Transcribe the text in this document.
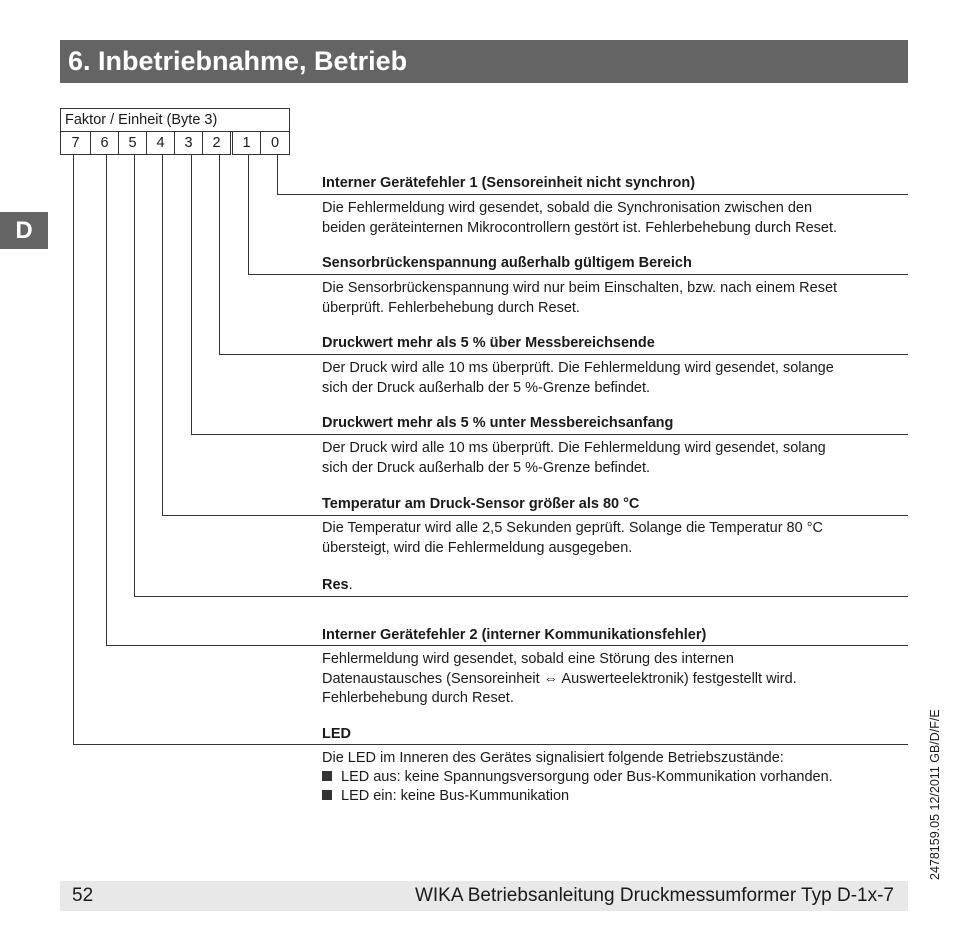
6. Inbetriebnahme, Betrieb
D
Faktor / Einheit (Byte 3)
7	6	5	4	3	2	1	0
Interner Gerätefehler 1 (Sensoreinheit nicht synchron)
Die Fehlermeldung wird gesendet, sobald die Synchronisation zwischen den
beiden geräteinternen Mikrocontrollern gestört ist. Fehlerbehebung durch Reset.
Sensorbrückenspannung außerhalb gültigem Bereich
Die Sensorbrückenspannung wird nur beim Einschalten, bzw. nach einem Reset
überprüft. Fehlerbehebung durch Reset.
Druckwert mehr als 5 % über Messbereichsende
Der Druck wird alle 10 ms überprüft. Die Fehlermeldung wird gesendet, solange
sich der Druck außerhalb der 5 %-Grenze befindet.
Druckwert mehr als 5 % unter Messbereichsanfang
Der Druck wird alle 10 ms überprüft. Die Fehlermeldung wird gesendet, solang
sich der Druck außerhalb der 5 %-Grenze befindet.
Temperatur am Druck-Sensor größer als 80 °C
Die Temperatur wird alle 2,5 Sekunden geprüft. Solange die Temperatur 80 °C
übersteigt, wird die Fehlermeldung ausgegeben.
Res.
Interner Gerätefehler 2 (interner Kommunikationsfehler)
Fehlermeldung wird gesendet, sobald eine Störung des internen
Datenaustausches (Sensoreinheit ⇔ Auswerteelektronik) festgestellt wird.
Fehlerbehebung durch Reset.
LED
Die LED im Inneren des Gerätes signalisiert folgende Betriebszustände:
LED aus: keine Spannungsversorgung oder Bus-Kommunikation vorhanden.
LED ein: keine Bus-Kummunikation	2478159.05 12/2011 GB/D/F/E
52	WIKA Betriebsanleitung Druckmessumformer Typ D-1x-7
